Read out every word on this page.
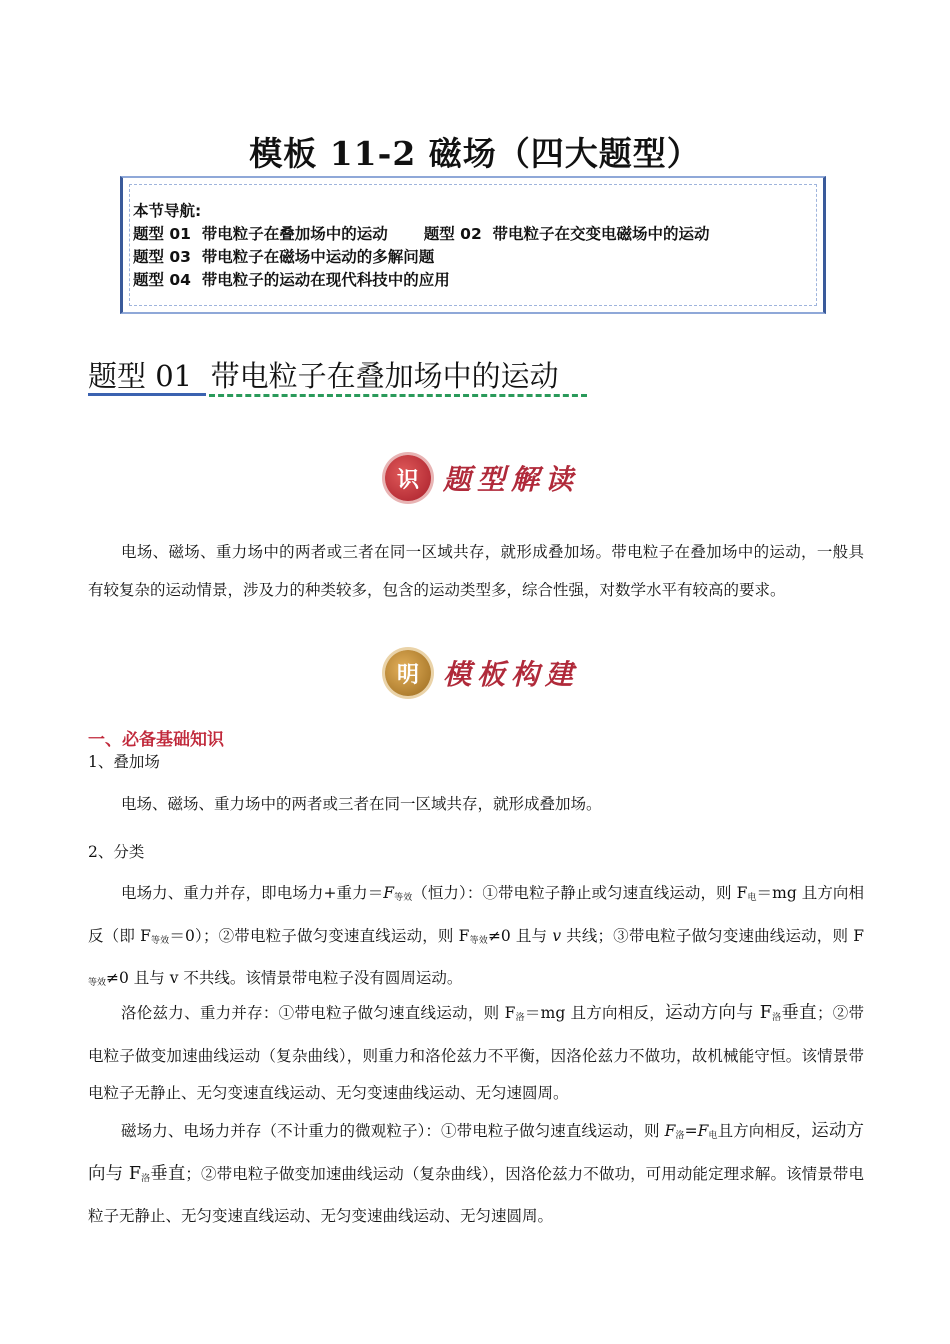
模板 11-2 磁场（四大题型）
本节导航:
题型 01 带电粒子在叠加场中的运动 题型 02 带电粒子在交变电磁场中的运动
题型 03 带电粒子在磁场中运动的多解问题
题型 04 带电粒子的运动在现代科技中的应用
题型 01 带电粒子在叠加场中的运动
识 题型解读
电场、磁场、重力场中的两者或三者在同一区域共存，就形成叠加场。带电粒子在叠加场中的运动，一般具有较复杂的运动情景，涉及力的种类较多，包含的运动类型多，综合性强，对数学水平有较高的要求。
明 模板构建
一、必备基础知识
1、叠加场
电场、磁场、重力场中的两者或三者在同一区域共存，就形成叠加场。
2、分类
电场力、重力并存，即电场力+重力$=F_{等效}$（恒力）：①带电粒子静止或匀速直线运动，则 $F_电=mg$ 且方向相反（即 $F_{等效}=0$）；②带电粒子做匀变速直线运动，则 $F_{等效}\ne 0$ 且与 v 共线；③带电粒子做匀变速曲线运动，则 $F_{等效}\ne 0$ 且与 v 不共线。该情景带电粒子没有圆周运动。
洛伦兹力、重力并存：①带电粒子做匀速直线运动，则 $F_洛=mg$ 且方向相反，运动方向与 $F_洛$垂直；②带电粒子做变加速曲线运动（复杂曲线），则重力和洛伦兹力不平衡，因洛伦兹力不做功，故机械能守恒。该情景带电粒子无静止、无匀变速直线运动、无匀变速曲线运动、无匀速圆周。
磁场力、电场力并存（不计重力的微观粒子）：①带电粒子做匀速直线运动，则 $F_洛=F_电$且方向相反，运动方向与 $F_洛$垂直；②带电粒子做变加速曲线运动（复杂曲线），因洛伦兹力不做功，可用动能定理求解。该情景带电粒子无静止、无匀变速直线运动、无匀变速曲线运动、无匀速圆周。
